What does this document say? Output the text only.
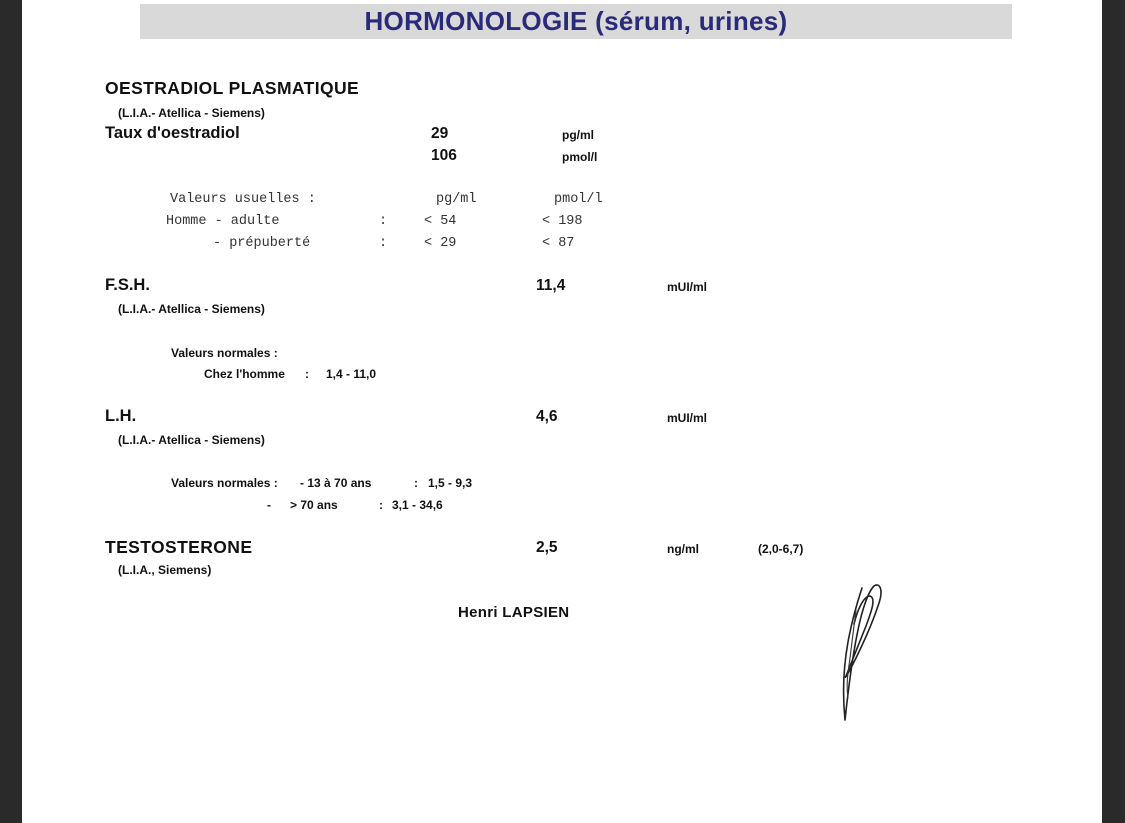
HORMONOLOGIE (sérum, urines)
OESTRADIOL PLASMATIQUE
(L.I.A.- Atellica - Siemens)
Taux d'oestradiol	29	pg/ml
106	pmol/l
Valeurs usuelles :	pg/ml	pmol/l
Homme - adulte	:	< 54	< 198
- prépuberté	:	< 29	< 87
F.S.H.	11,4	mUI/ml
(L.I.A.- Atellica - Siemens)
Valeurs normales :
Chez l'homme : 1,4 - 11,0
L.H.	4,6	mUI/ml
(L.I.A.- Atellica - Siemens)
Valeurs normales : - 13 à 70 ans	: 1,5 - 9,3
- > 70 ans	: 3,1 - 34,6
TESTOSTERONE	2,5	ng/ml	(2,0-6,7)
(L.I.A., Siemens)
Henri LAPSIEN
